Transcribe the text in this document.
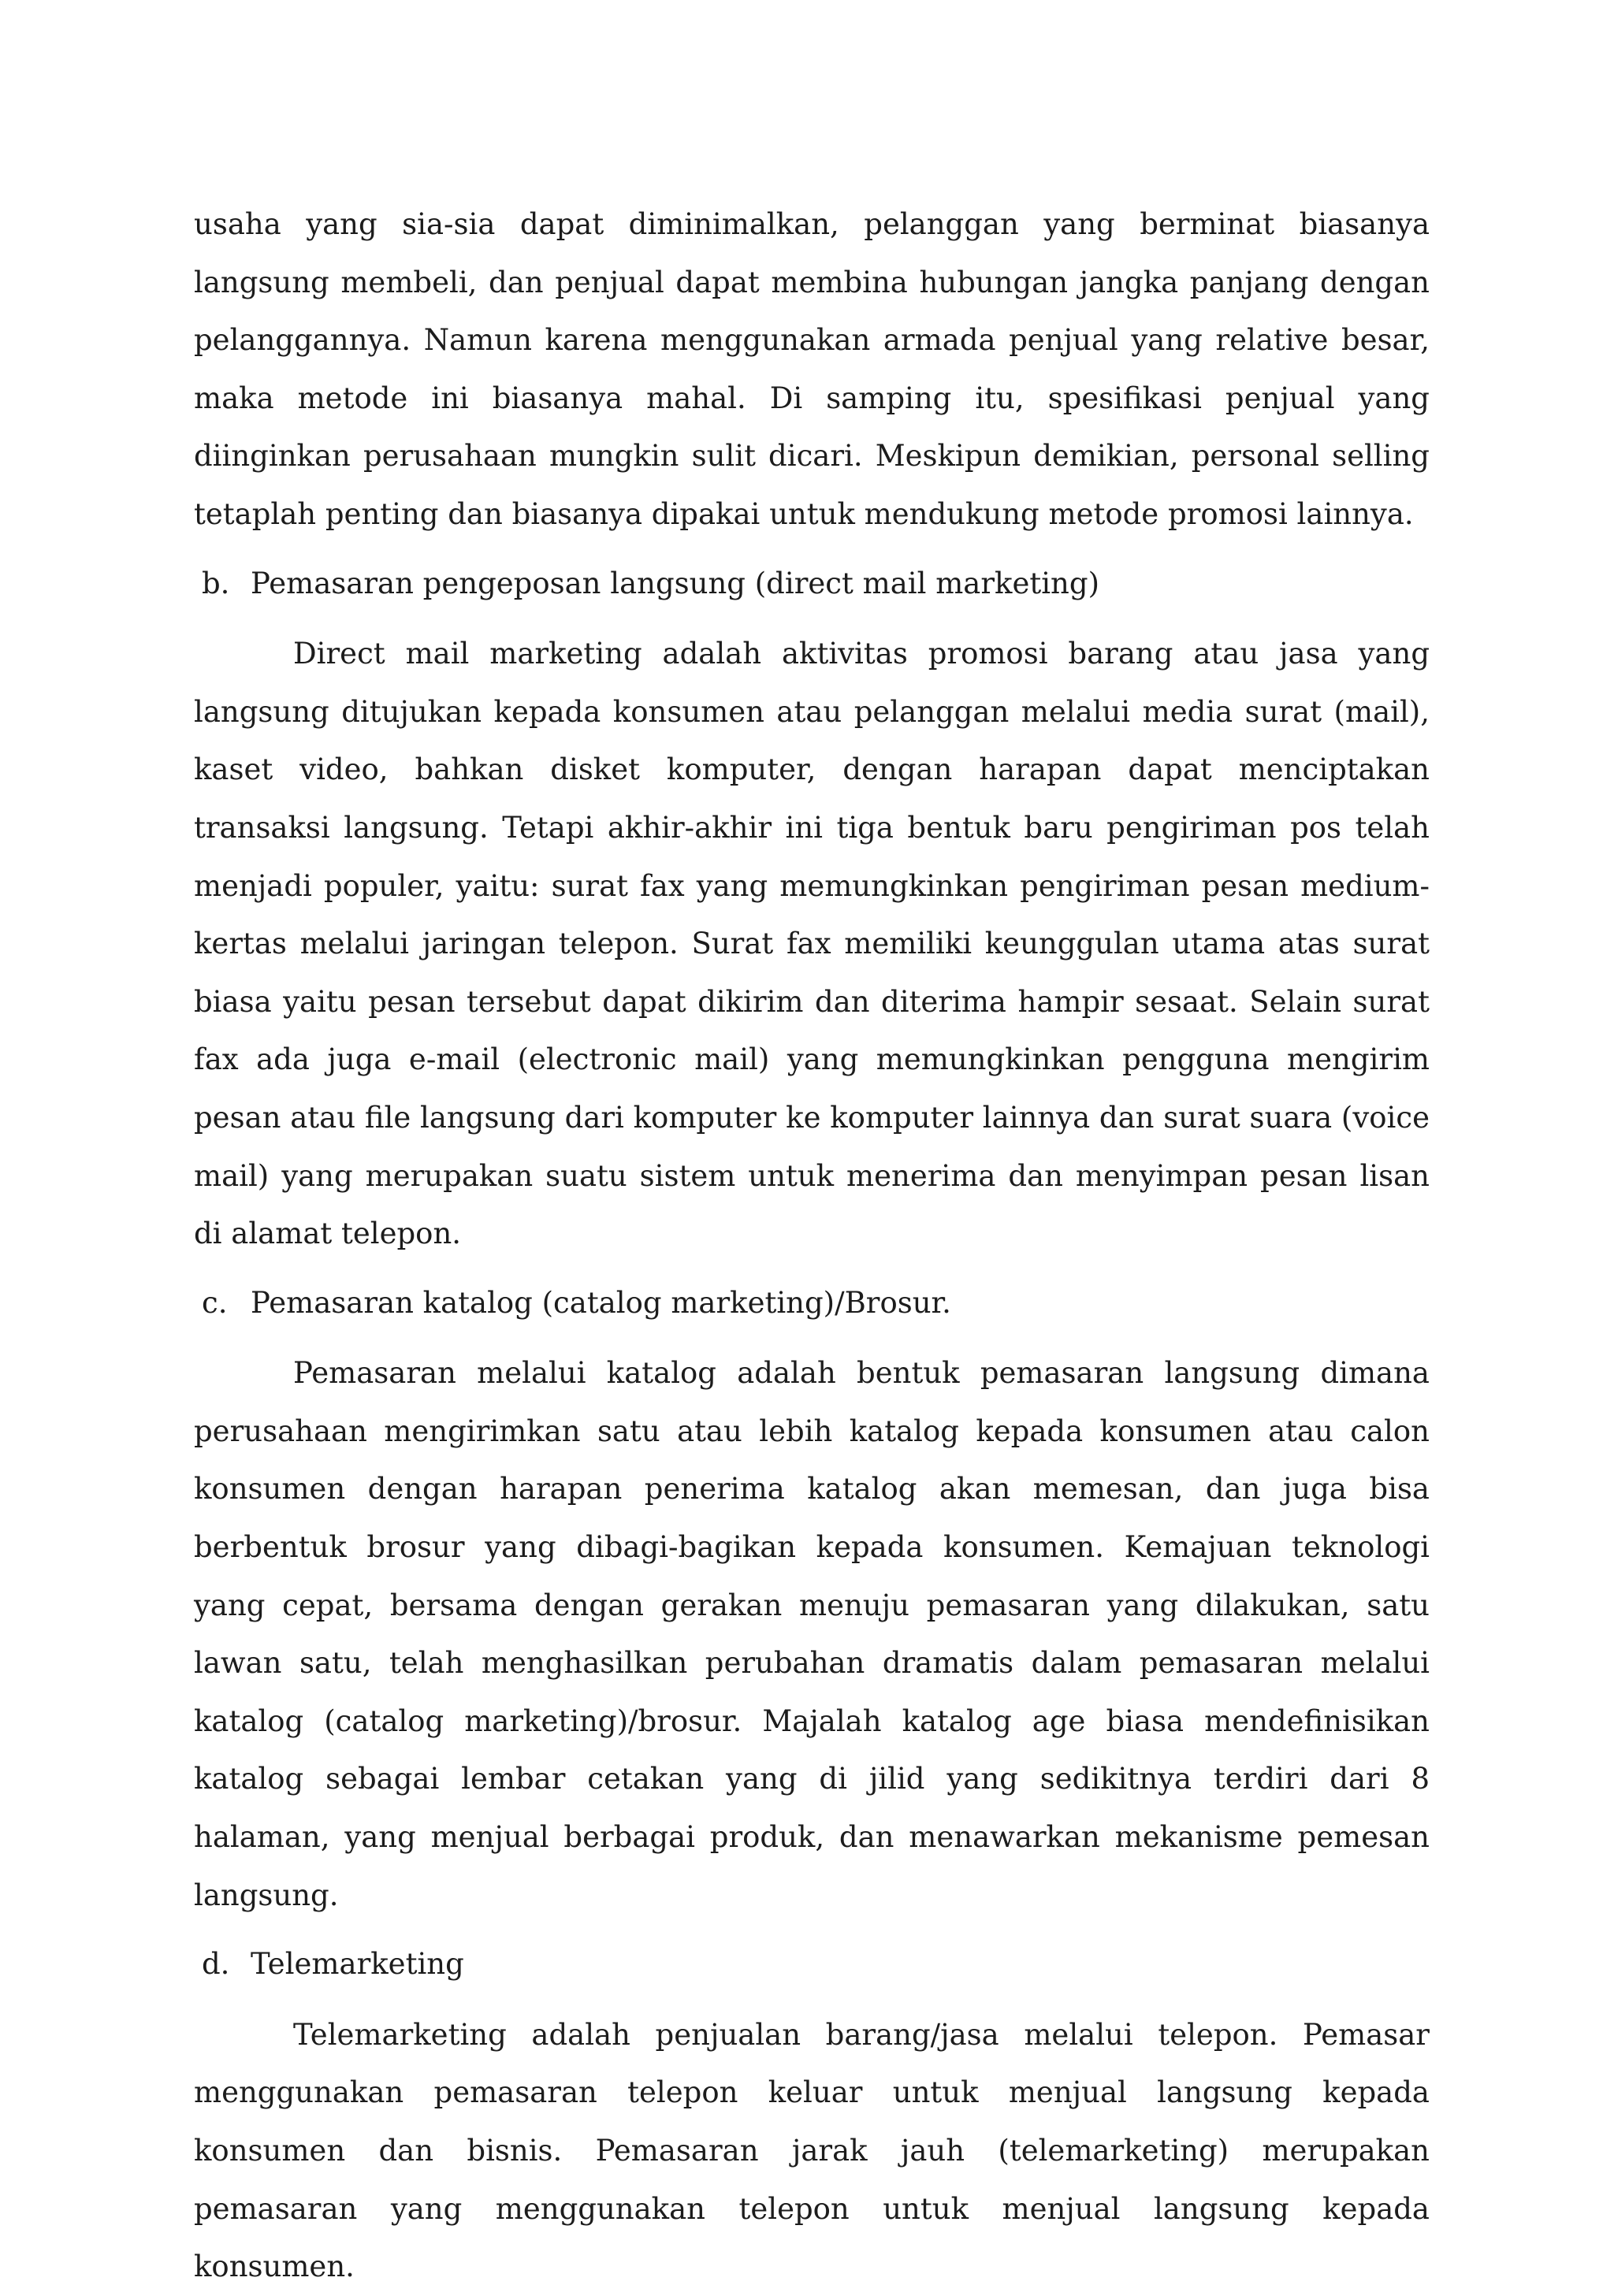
usaha yang sia-sia dapat diminimalkan, pelanggan yang berminat biasanya langsung membeli, dan penjual dapat membina hubungan jangka panjang dengan pelanggannya. Namun karena menggunakan armada penjual yang relative besar, maka metode ini biasanya mahal. Di samping itu, spesifikasi penjual yang diinginkan perusahaan mungkin sulit dicari. Meskipun demikian, personal selling tetaplah penting dan biasanya dipakai untuk mendukung metode promosi lainnya.

b. Pemasaran pengeposan langsung (direct mail marketing)

Direct mail marketing adalah aktivitas promosi barang atau jasa yang langsung ditujukan kepada konsumen atau pelanggan melalui media surat (mail), kaset video, bahkan disket komputer, dengan harapan dapat menciptakan transaksi langsung. Tetapi akhir-akhir ini tiga bentuk baru pengiriman pos telah menjadi populer, yaitu: surat fax yang memungkinkan pengiriman pesan medium-kertas melalui jaringan telepon. Surat fax memiliki keunggulan utama atas surat biasa yaitu pesan tersebut dapat dikirim dan diterima hampir sesaat. Selain surat fax ada juga e-mail (electronic mail) yang memungkinkan pengguna mengirim pesan atau file langsung dari komputer ke komputer lainnya dan surat suara (voice mail) yang merupakan suatu sistem untuk menerima dan menyimpan pesan lisan di alamat telepon.

c. Pemasaran katalog (catalog marketing)/Brosur.

Pemasaran melalui katalog adalah bentuk pemasaran langsung dimana perusahaan mengirimkan satu atau lebih katalog kepada konsumen atau calon konsumen dengan harapan penerima katalog akan memesan, dan juga bisa berbentuk brosur yang dibagi-bagikan kepada konsumen. Kemajuan teknologi yang cepat, bersama dengan gerakan menuju pemasaran yang dilakukan, satu lawan satu, telah menghasilkan perubahan dramatis dalam pemasaran melalui katalog (catalog marketing)/brosur. Majalah katalog age biasa mendefinisikan katalog sebagai lembar cetakan yang di jilid yang sedikitnya terdiri dari 8 halaman, yang menjual berbagai produk, dan menawarkan mekanisme pemesan langsung.

d. Telemarketing

Telemarketing adalah penjualan barang/jasa melalui telepon. Pemasar menggunakan pemasaran telepon keluar untuk menjual langsung kepada konsumen dan bisnis. Pemasaran jarak jauh (telemarketing) merupakan pemasaran yang menggunakan telepon untuk menjual langsung kepada konsumen.
